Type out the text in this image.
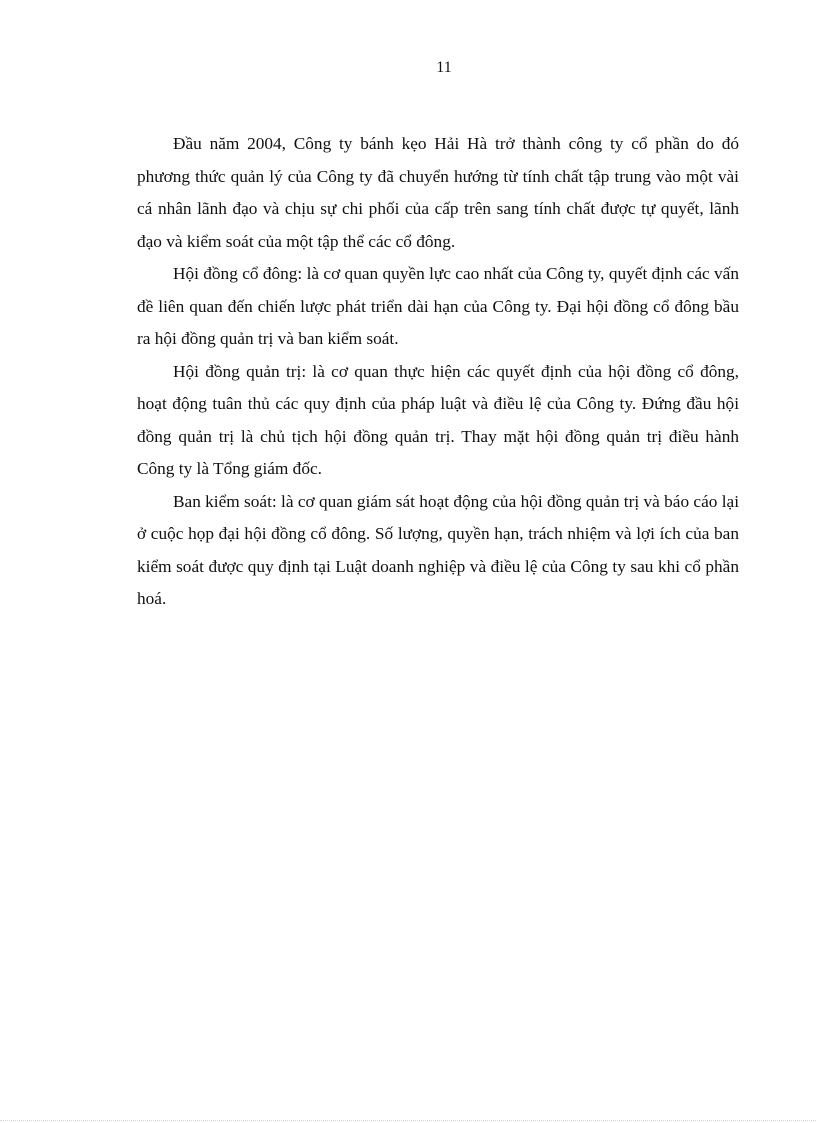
11

Đầu năm 2004, Công ty bánh kẹo Hải Hà trở thành công ty cổ phần do đó phương thức quản lý của Công ty đã chuyển hướng từ tính chất tập trung vào một vài cá nhân lãnh đạo và chịu sự chi phối của cấp trên sang tính chất được tự quyết, lãnh đạo và kiểm soát của một tập thể các cổ đông.

Hội đồng cổ đông: là cơ quan quyền lực cao nhất của Công ty, quyết định các vấn đề liên quan đến chiến lược phát triển dài hạn của Công ty. Đại hội đồng cổ đông bầu ra hội đồng quản trị và ban kiểm soát.

Hội đồng quản trị: là cơ quan thực hiện các quyết định của hội đồng cổ đông, hoạt động tuân thủ các quy định của pháp luật và điều lệ của Công ty. Đứng đầu hội đồng quản trị là chủ tịch hội đồng quản trị. Thay mặt hội đồng quản trị điều hành Công ty là Tổng giám đốc.

Ban kiểm soát: là cơ quan giám sát hoạt động của hội đồng quản trị và báo cáo lại ở cuộc họp đại hội đồng cổ đông. Số lượng, quyền hạn, trách nhiệm và lợi ích của ban kiểm soát được quy định tại Luật doanh nghiệp và điều lệ của Công ty sau khi cổ phần hoá.
